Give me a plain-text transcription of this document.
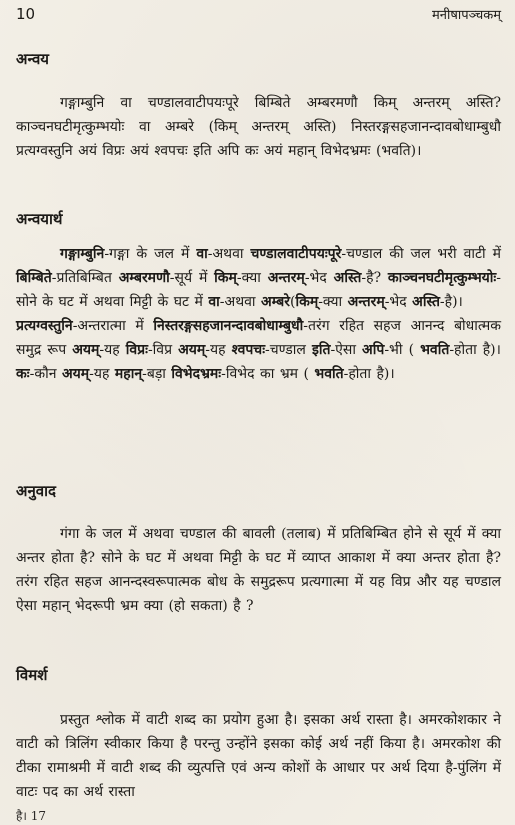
10	मनीषापञ्चकम्
अन्वय

गङ्गाम्बुनि वा चण्डालवाटीपयःपूरे बिम्बिते अम्बरमणौ किम् अन्तरम् अस्ति? काञ्चनघटीमृत्कुम्भयोः वा अम्बरे (किम् अन्तरम् अस्ति) निस्तरङ्गसहजानन्दावबोधाम्बुधौ प्रत्यग्वस्तुनि अयं विप्रः अयं श्वपचः इति अपि कः अयं महान् विभेदभ्रमः (भवति)।

अन्वयार्थ

गङ्गाम्बुनि-गङ्गा के जल में वा-अथवा चण्डालवाटीपयःपूरे-चण्डाल की जल भरी वाटी में बिम्बिते-प्रतिबिम्बित अम्बरमणौ-सूर्य में किम्-क्या अन्तरम्-भेद अस्ति-है? काञ्चनघटीमृत्कुम्भयोः-सोने के घट में अथवा मिट्टी के घट में वा-अथवा अम्बरे(किम्-क्या अन्तरम्-भेद अस्ति-है)।

प्रत्यग्वस्तुनि-अन्तरात्मा में निस्तरङ्गसहजानन्दावबोधाम्बुधौ-तरंग रहित सहज आनन्द बोधात्मक समुद्र रूप अयम्-यह विप्रः-विप्र अयम्-यह श्वपचः-चण्डाल इति-ऐसा अपि-भी ( भवति-होता है)। कः-कौन अयम्-यह महान्-बड़ा विभेदभ्रमः-विभेद का भ्रम ( भवति-होता है)।

अनुवाद

गंगा के जल में अथवा चण्डाल की बावली (तलाब) में प्रतिबिम्बित होने से सूर्य में क्या अन्तर होता है? सोने के घट में अथवा मिट्टी के घट में व्याप्त आकाश में क्या अन्तर होता है? तरंग रहित सहज आनन्दस्वरूपात्मक बोध के समुद्ररूप प्रत्यगात्मा में यह विप्र और यह चण्डाल ऐसा महान् भेदरूपी भ्रम क्या (हो सकता) है ?

विमर्श

प्रस्तुत श्लोक में वाटी शब्द का प्रयोग हुआ है। इसका अर्थ रास्ता है। अमरकोशकार ने वाटी को त्रिलिंग स्वीकार किया है परन्तु उन्होंने इसका कोई अर्थ नहीं किया है। अमरकोश की टीका रामाश्रमी में वाटी शब्द की व्युत्पत्ति एवं अन्य कोशों के आधार पर अर्थ दिया है-पुंलिंग में वाटः पद का अर्थ रास्ता

है। 17
